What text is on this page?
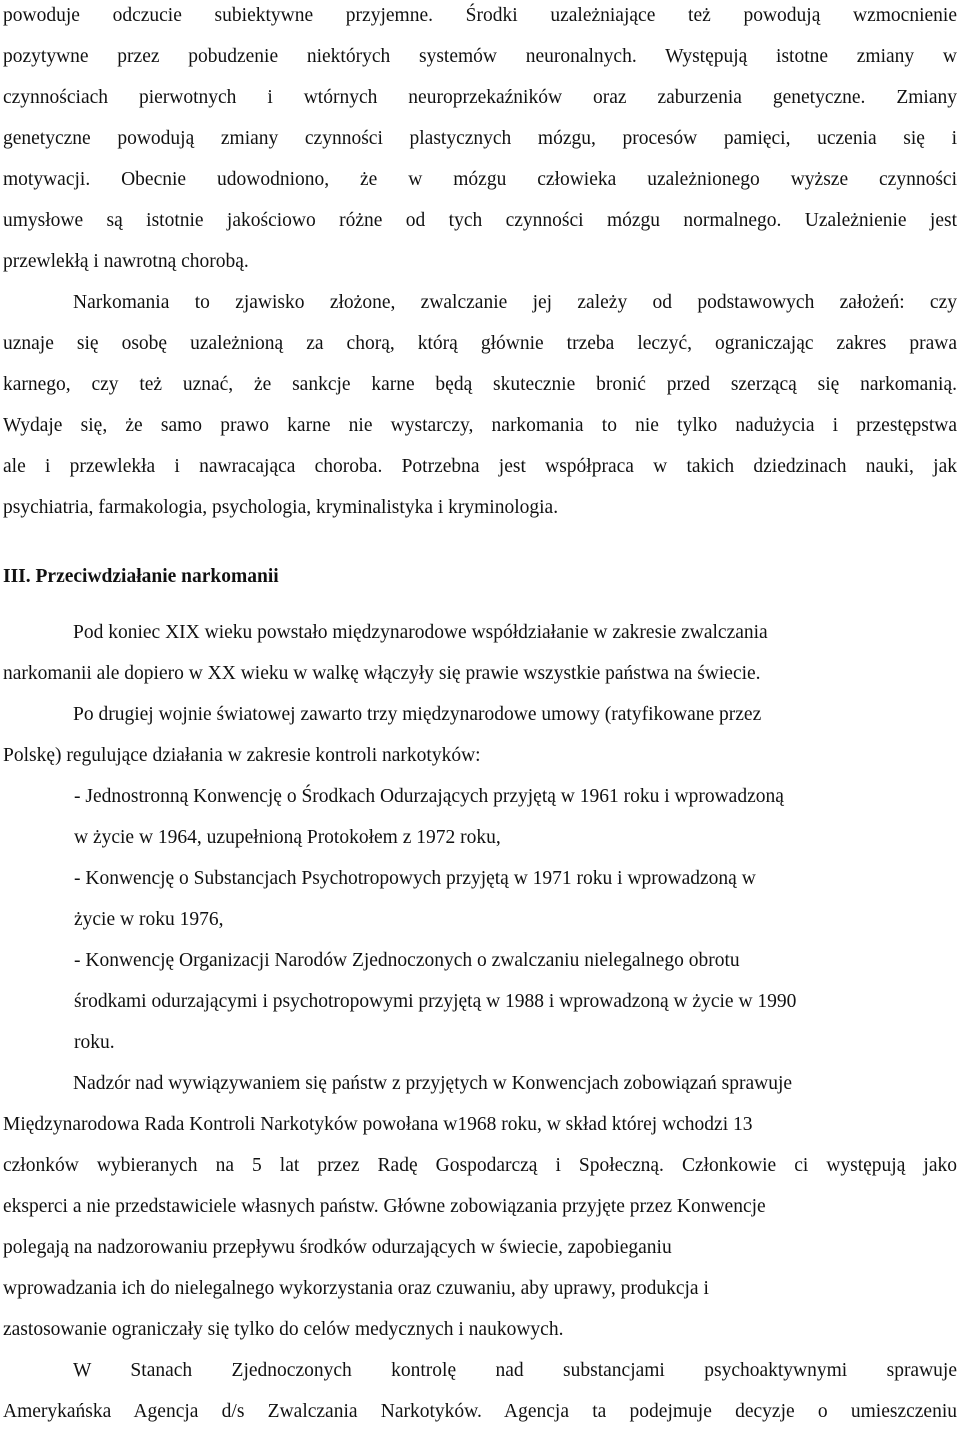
powoduje odczucie subiektywne przyjemne. Środki uzależniające też powodują wzmocnienie
pozytywne przez pobudzenie niektórych systemów neuronalnych. Występują istotne zmiany w
czynnościach pierwotnych i wtórnych neuroprzekaźników oraz zaburzenia genetyczne. Zmiany
genetyczne powodują zmiany czynności plastycznych mózgu, procesów pamięci, uczenia się i
motywacji. Obecnie udowodniono, że w mózgu człowieka uzależnionego wyższe czynności
umysłowe są istotnie jakościowo różne od tych czynności mózgu normalnego. Uzależnienie jest
przewlekłą i nawrotną chorobą.
Narkomania to zjawisko złożone, zwalczanie jej zależy od podstawowych założeń: czy
uznaje się osobę uzależnioną za chorą, którą głównie trzeba leczyć, ograniczając zakres prawa
karnego, czy też uznać, że sankcje karne będą skutecznie bronić przed szerzącą się narkomanią.
Wydaje się, że samo prawo karne nie wystarczy, narkomania to nie tylko nadużycia i przestępstwa
ale i przewlekła i nawracająca choroba. Potrzebna jest współpraca w takich dziedzinach nauki, jak
psychiatria, farmakologia, psychologia, kryminalistyka i kryminologia.
III. Przeciwdziałanie narkomanii
Pod koniec XIX wieku powstało międzynarodowe współdziałanie w zakresie zwalczania
narkomanii ale dopiero w XX wieku w walkę włączyły się prawie wszystkie państwa na świecie.
Po drugiej wojnie światowej zawarto trzy międzynarodowe umowy (ratyfikowane przez
Polskę) regulujące działania w zakresie kontroli narkotyków:
- Jednostronną Konwencję o Środkach Odurzających przyjętą w 1961 roku i wprowadzoną
w życie w 1964, uzupełnioną Protokołem z 1972 roku,
- Konwencję o Substancjach Psychotropowych przyjętą w 1971 roku i wprowadzoną w
życie w roku 1976,
- Konwencję Organizacji Narodów Zjednoczonych o zwalczaniu nielegalnego obrotu
środkami odurzającymi i psychotropowymi przyjętą w 1988 i wprowadzoną w życie w 1990
roku.
Nadzór nad wywiązywaniem się państw z przyjętych w Konwencjach zobowiązań sprawuje
Międzynarodowa Rada Kontroli Narkotyków powołana w1968 roku, w skład której wchodzi 13
członków wybieranych na 5 lat przez Radę Gospodarczą i Społeczną. Członkowie ci występują jako
eksperci a nie przedstawiciele własnych państw. Główne zobowiązania przyjęte przez Konwencje
polegają na nadzorowaniu przepływu środków odurzających w świecie, zapobieganiu
wprowadzania ich do nielegalnego wykorzystania oraz czuwaniu, aby uprawy, produkcja i
zastosowanie ograniczały się tylko do celów medycznych i naukowych.
W Stanach Zjednoczonych kontrolę nad substancjami psychoaktywnymi sprawuje
Amerykańska Agencja d/s Zwalczania Narkotyków. Agencja ta podejmuje decyzje o umieszczeniu
